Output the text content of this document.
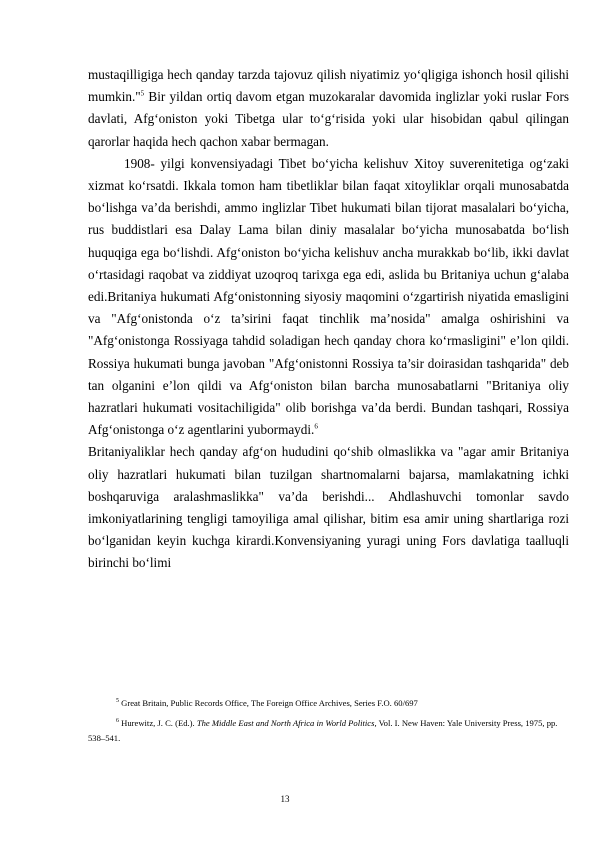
mustaqilligiga hech qanday tarzda tajovuz qilish niyatimiz yo‘qligiga ishonch hosil qilishi mumkin."$^5$ Bir yildan ortiq davom etgan muzokaralar davomida inglizlar yoki ruslar Fors davlati, Afg‘oniston yoki Tibetga ular to‘g‘risida yoki ular hisobidan qabul qilingan qarorlar haqida hech qachon xabar bermagan.

1908- yilgi konvensiyadagi Tibet bo‘yicha kelishuv Xitoy suverenitetiga og‘zaki xizmat ko‘rsatdi. Ikkala tomon ham tibetliklar bilan faqat xitoyliklar orqali munosabatda bo‘lishga va’da berishdi, ammo inglizlar Tibet hukumati bilan tijorat masalalari bo‘yicha, rus buddistlari esa Dalay Lama bilan diniy masalalar bo‘yicha munosabatda bo‘lish huquqiga ega bo‘lishdi. Afg‘oniston bo‘yicha kelishuv ancha murakkab bo‘lib, ikki davlat o‘rtasidagi raqobat va ziddiyat uzoqroq tarixga ega edi, aslida bu Britaniya uchun g‘alaba edi.Britaniya hukumati Afg‘onistonning siyosiy maqomini o‘zgartirish niyatida emasligini va "Afg‘onistonda o‘z ta’sirini faqat tinchlik ma’nosida" amalga oshirishini va "Afg‘onistonga Rossiyaga tahdid soladigan hech qanday chora ko‘rmasligini" e’lon qildi. Rossiya hukumati bunga javoban "Afg‘onistonni Rossiya ta’sir doirasidan tashqarida" deb tan olganini e’lon qildi va Afg‘oniston bilan barcha munosabatlarni "Britaniya oliy hazratlari hukumati vositachiligida" olib borishga va’da berdi. Bundan tashqari, Rossiya Afg‘onistonga o‘z agentlarini yubormaydi.$^6$

Britaniyaliklar hech qanday afg‘on hududini qo‘shib olmaslikka va "agar amir Britaniya oliy hazratlari hukumati bilan tuzilgan shartnomalarni bajarsa, mamlakatning ichki boshqaruviga aralashmaslikka" va’da berishdi... Ahdlashuvchi tomonlar savdo imkoniyatlarining tengligi tamoyiliga amal qilishar, bitim esa amir uning shartlariga rozi bo‘lganidan keyin kuchga kirardi.Konvensiyaning yuragi uning Fors davlatiga taalluqli birinchi bo‘limi

$^5$ Great Britain, Public Records Office, The Foreign Office Archives, Series F.O. 60/697

$^6$ Hurewitz, J. C. (Ed.). The Middle East and North Africa in World Politics, Vol. I. New Haven: Yale University Press, 1975, pp. 538–541.

13
